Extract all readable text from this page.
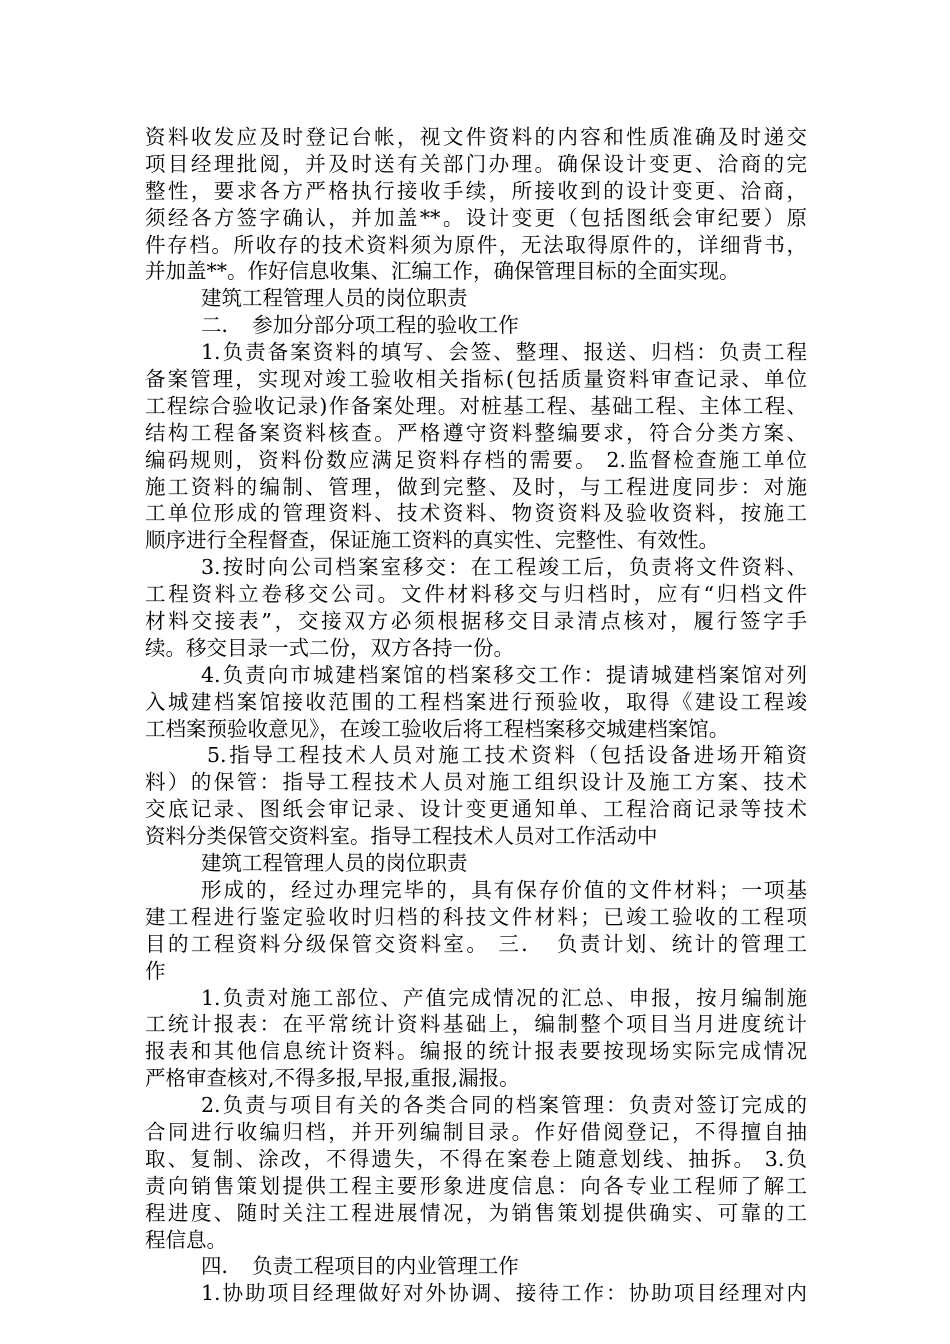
资料收发应及时登记台帐，视文件资料的内容和性质准确及时递交
项目经理批阅，并及时送有关部门办理。确保设计变更、洽商的完
整性，要求各方严格执行接收手续，所接收到的设计变更、洽商，
须经各方签字确认，并加盖**。设计变更（包括图纸会审纪要）原
件存档。所收存的技术资料须为原件，无法取得原件的，详细背书，
并加盖**。作好信息收集、汇编工作，确保管理目标的全面实现。
建筑工程管理人员的岗位职责
二．　参加分部分项工程的验收工作
1.负责备案资料的填写、会签、整理、报送、归档：负责工程
备案管理，实现对竣工验收相关指标(包括质量资料审查记录、单位
工程综合验收记录)作备案处理。对桩基工程、基础工程、主体工程、
结构工程备案资料核查。严格遵守资料整编要求，符合分类方案、
编码规则，资料份数应满足资料存档的需要。 2.监督检查施工单位
施工资料的编制、管理，做到完整、及时，与工程进度同步：对施
工单位形成的管理资料、技术资料、物资资料及验收资料，按施工
顺序进行全程督查，保证施工资料的真实性、完整性、有效性。
3.按时向公司档案室移交：在工程竣工后，负责将文件资料、
工程资料立卷移交公司。文件材料移交与归档时，应有“归档文件
材料交接表”，交接双方必须根据移交目录清点核对，履行签字手
续。移交目录一式二份，双方各持一份。
4.负责向市城建档案馆的档案移交工作：提请城建档案馆对列
入城建档案馆接收范围的工程档案进行预验收，取得《建设工程竣
工档案预验收意见》，在竣工验收后将工程档案移交城建档案馆。
5.指导工程技术人员对施工技术资料（包括设备进场开箱资
料）的保管：指导工程技术人员对施工组织设计及施工方案、技术
交底记录、图纸会审记录、设计变更通知单、工程洽商记录等技术
资料分类保管交资料室。指导工程技术人员对工作活动中
建筑工程管理人员的岗位职责
形成的，经过办理完毕的，具有保存价值的文件材料；一项基
建工程进行鉴定验收时归档的科技文件材料；已竣工验收的工程项
目的工程资料分级保管交资料室。 三．　负责计划、统计的管理工
作
1.负责对施工部位、产值完成情况的汇总、申报，按月编制施
工统计报表：在平常统计资料基础上，编制整个项目当月进度统计
报表和其他信息统计资料。编报的统计报表要按现场实际完成情况
严格审查核对,不得多报,早报,重报,漏报。
2.负责与项目有关的各类合同的档案管理：负责对签订完成的
合同进行收编归档，并开列编制目录。作好借阅登记，不得擅自抽
取、复制、涂改，不得遗失，不得在案卷上随意划线、抽拆。 3.负
责向销售策划提供工程主要形象进度信息：向各专业工程师了解工
程进度、随时关注工程进展情况，为销售策划提供确实、可靠的工
程信息。
四．　负责工程项目的内业管理工作
1.协助项目经理做好对外协调、接待工作：协助项目经理对内
